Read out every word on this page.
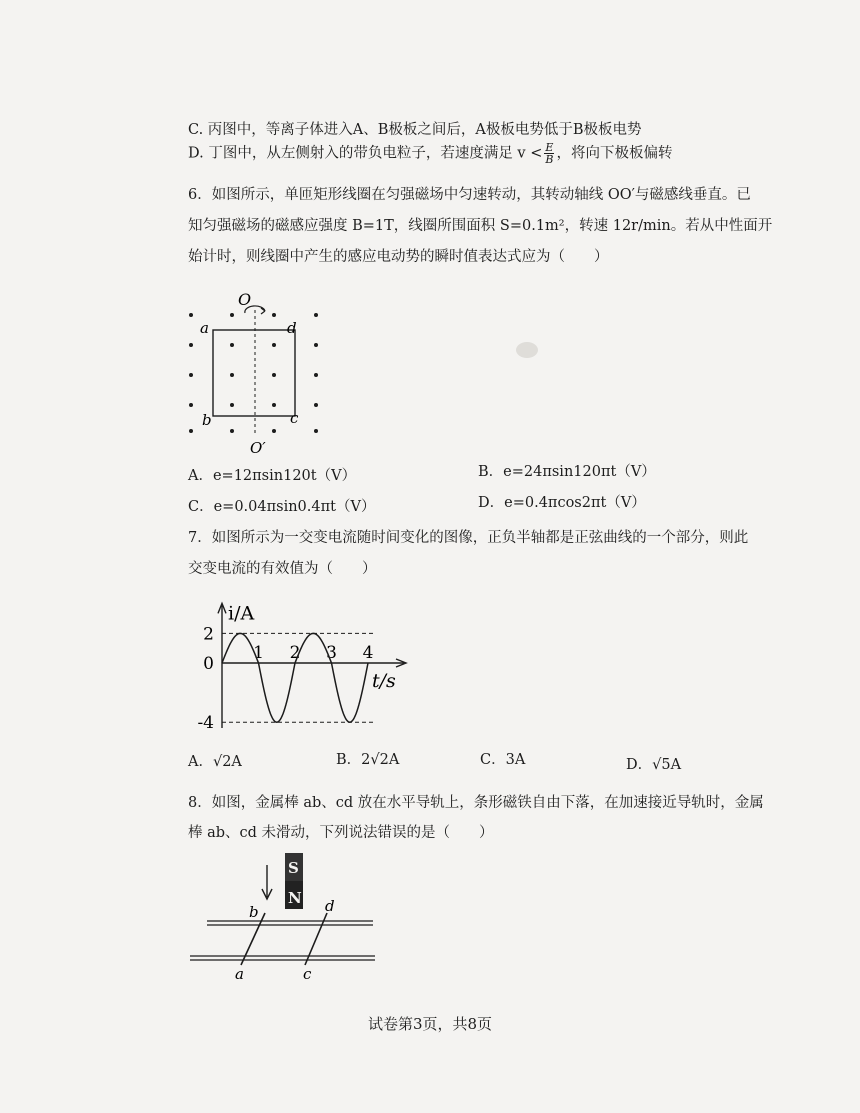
C. 丙图中，等离子体进入A、B极板之间后，A极板电势低于B极板电势
D. 丁图中，从左侧射入的带负电粒子，若速度满足 $v < \frac{E}{B}$ ，将向下极板偏转
6．如图所示，单匝矩形线圈在匀强磁场中匀速转动，其转动轴线 OO′与磁感线垂直。已
知匀强磁场的磁感应强度 B=1T，线圈所围面积 S=0.1m²，转速 12r/min。若从中性面开
始计时，则线圈中产生的感应电动势的瞬时值表达式应为（　　）
O
O′
a	d
b	c
A．e=12πsin120t（V）	B．e=24πsin120πt（V）
C．e=0.04πsin0.4πt（V）	D．e=0.4πcos2πt（V）
7．如图所示为一交变电流随时间变化的图像，正负半轴都是正弦曲线的一个部分，则此
交变电流的有效值为（　　）
i/A
t/s
2
0
-4
1 2 3 4
A．√2A	B．2√2A	C．3A	D．√5A
8．如图，金属棒 ab、cd 放在水平导轨上，条形磁铁自由下落，在加速接近导轨时，金属
棒 ab、cd 未滑动，下列说法错误的是（　　）
S
N
b	d
a	c
试卷第3页，共8页
